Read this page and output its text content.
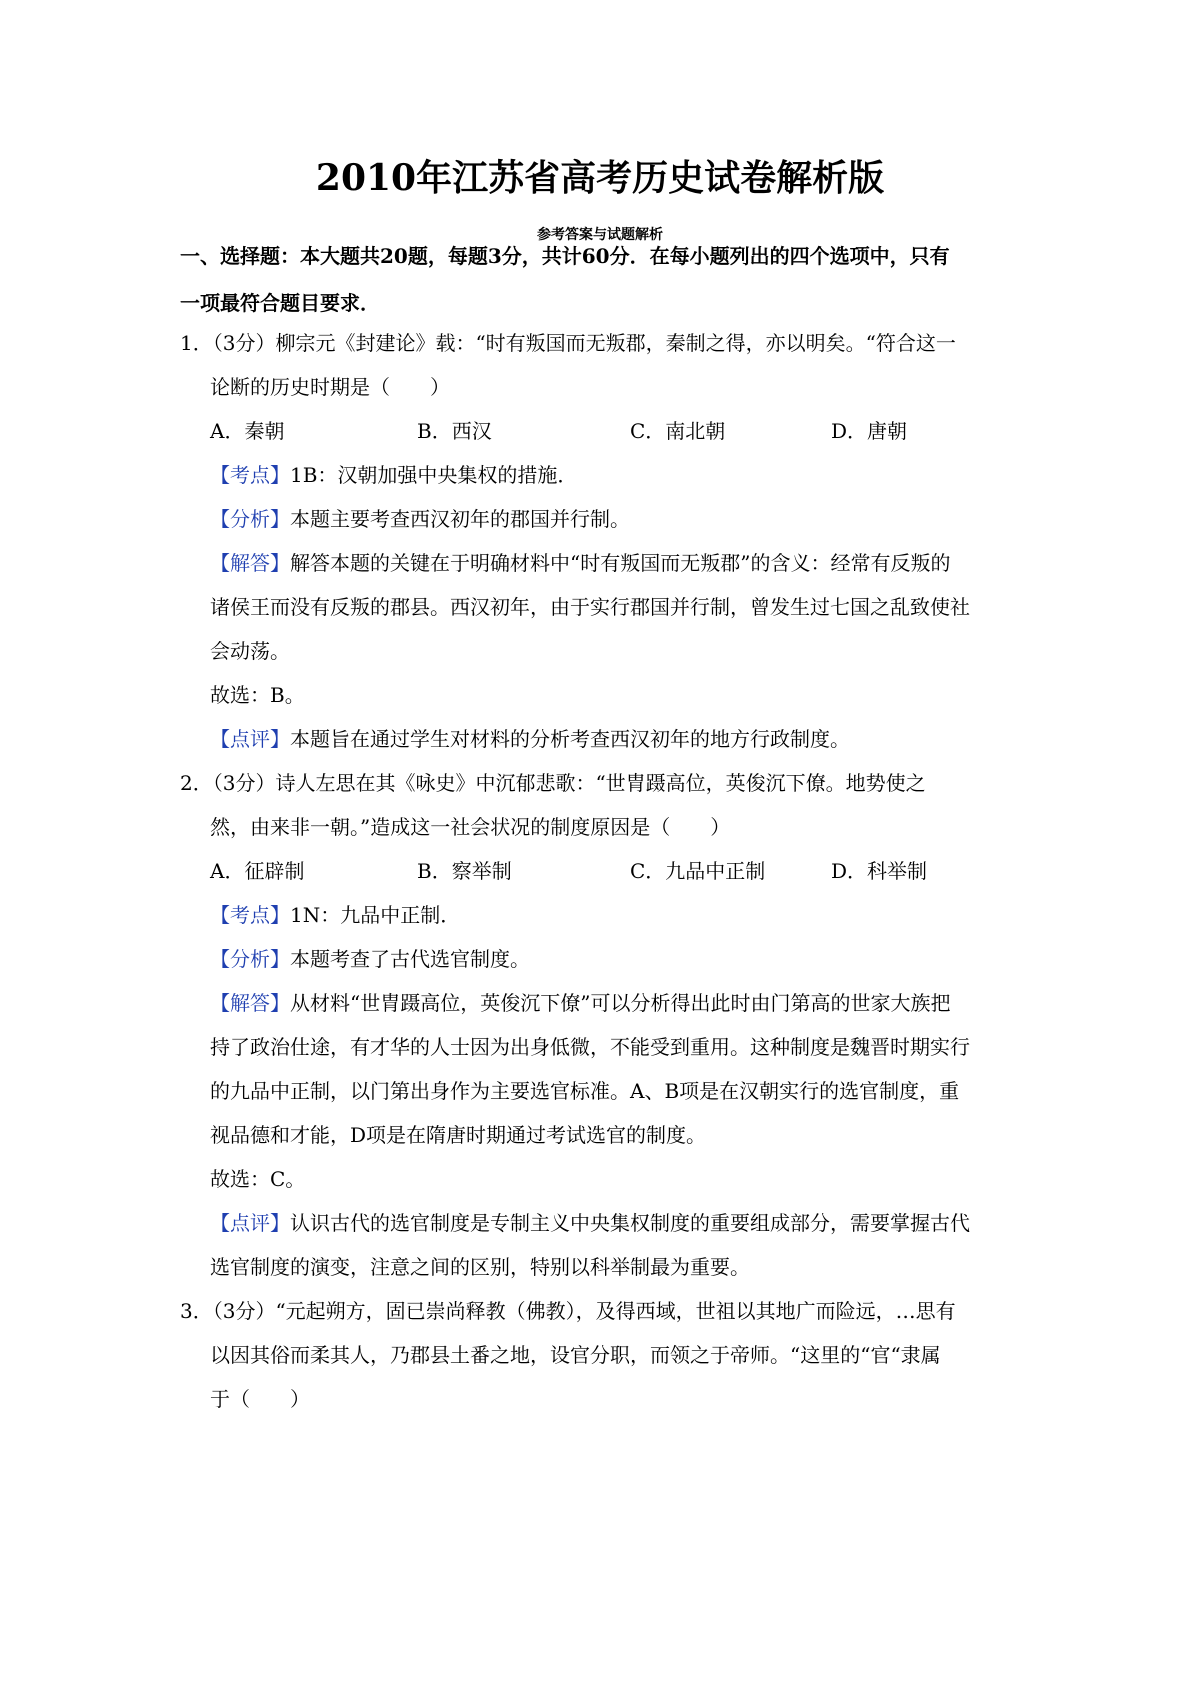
2010年江苏省高考历史试卷解析版
参考答案与试题解析
一、选择题：本大题共20题，每题3分，共计60分．在每小题列出的四个选项中，只有
一项最符合题目要求．
1．（3分）柳宗元《封建论》载：“时有叛国而无叛郡，秦制之得，亦以明矣。“符合这一
论断的历史时期是（　　）
A．秦朝	B．西汉	C．南北朝	D．唐朝
【考点】1B：汉朝加强中央集权的措施．
【分析】本题主要考查西汉初年的郡国并行制。
【解答】解答本题的关键在于明确材料中“时有叛国而无叛郡”的含义：经常有反叛的
诸侯王而没有反叛的郡县。西汉初年，由于实行郡国并行制，曾发生过七国之乱致使社
会动荡。
故选：B。
【点评】本题旨在通过学生对材料的分析考查西汉初年的地方行政制度。
2．（3分）诗人左思在其《咏史》中沉郁悲歌：“世胄蹑高位，英俊沉下僚。地势使之
然，由来非一朝。”造成这一社会状况的制度原因是（　　）
A．征辟制	B．察举制	C．九品中正制	D．科举制
【考点】1N：九品中正制．
【分析】本题考查了古代选官制度。
【解答】从材料“世胄蹑高位，英俊沉下僚”可以分析得出此时由门第高的世家大族把
持了政治仕途，有才华的人士因为出身低微，不能受到重用。这种制度是魏晋时期实行
的九品中正制，以门第出身作为主要选官标准。A、B项是在汉朝实行的选官制度，重
视品德和才能，D项是在隋唐时期通过考试选官的制度。
故选：C。
【点评】认识古代的选官制度是专制主义中央集权制度的重要组成部分，需要掌握古代
选官制度的演变，注意之间的区别，特别以科举制最为重要。
3．（3分）“元起朔方，固已崇尚释教（佛教），及得西域，世祖以其地广而险远，…思有
以因其俗而柔其人，乃郡县土番之地，设官分职，而领之于帝师。“这里的“官“隶属
于（　　）
